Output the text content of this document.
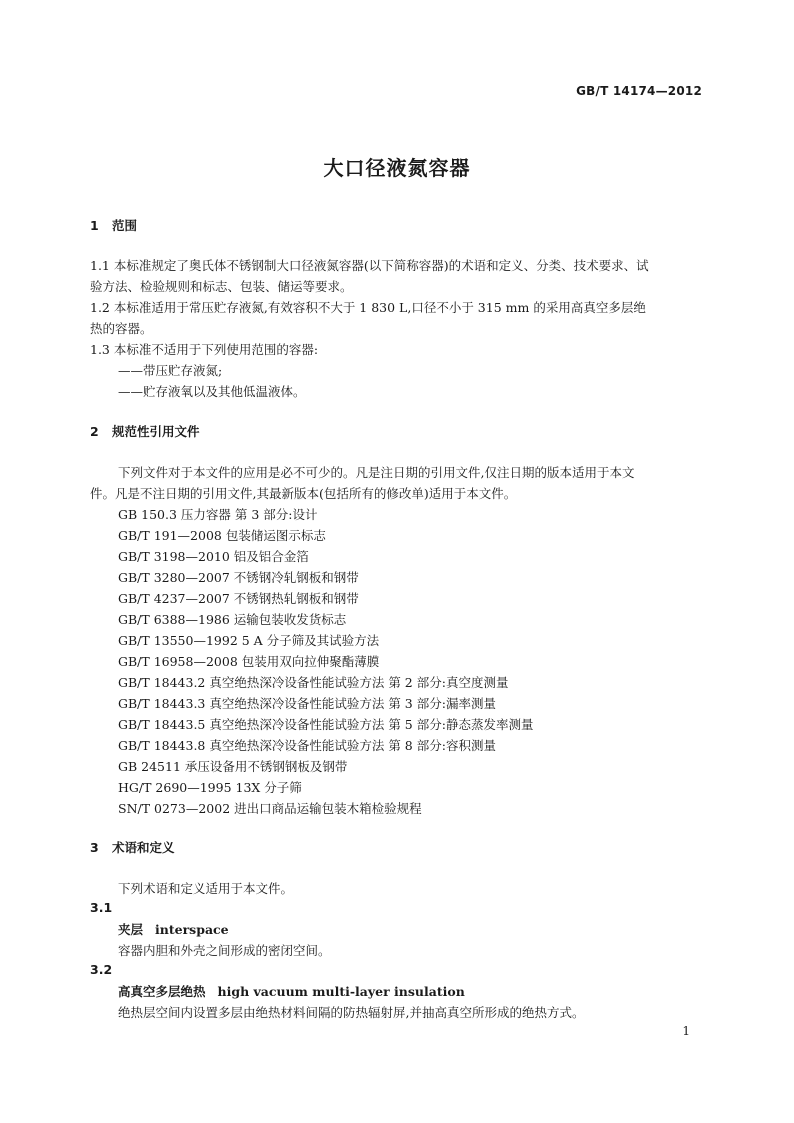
GB/T 14174—2012
大口径液氮容器
1 范围
1.1 本标准规定了奥氏体不锈钢制大口径液氮容器(以下简称容器)的术语和定义、分类、技术要求、试
验方法、检验规则和标志、包装、储运等要求。
1.2 本标准适用于常压贮存液氮,有效容积不大于 1 830 L,口径不小于 315 mm 的采用高真空多层绝
热的容器。
1.3 本标准不适用于下列使用范围的容器:
——带压贮存液氮;
——贮存液氧以及其他低温液体。
2 规范性引用文件
下列文件对于本文件的应用是必不可少的。凡是注日期的引用文件,仅注日期的版本适用于本文
件。凡是不注日期的引用文件,其最新版本(包括所有的修改单)适用于本文件。
GB 150.3 压力容器 第 3 部分:设计
GB/T 191—2008 包装储运图示标志
GB/T 3198—2010 铝及铝合金箔
GB/T 3280—2007 不锈钢冷轧钢板和钢带
GB/T 4237—2007 不锈钢热轧钢板和钢带
GB/T 6388—1986 运输包装收发货标志
GB/T 13550—1992 5 A 分子筛及其试验方法
GB/T 16958—2008 包装用双向拉伸聚酯薄膜
GB/T 18443.2 真空绝热深冷设备性能试验方法 第 2 部分:真空度测量
GB/T 18443.3 真空绝热深冷设备性能试验方法 第 3 部分:漏率测量
GB/T 18443.5 真空绝热深冷设备性能试验方法 第 5 部分:静态蒸发率测量
GB/T 18443.8 真空绝热深冷设备性能试验方法 第 8 部分:容积测量
GB 24511 承压设备用不锈钢钢板及钢带
HG/T 2690—1995 13X 分子筛
SN/T 0273—2002 进出口商品运输包装木箱检验规程
3 术语和定义
下列术语和定义适用于本文件。
3.1
夹层 interspace
容器内胆和外壳之间形成的密闭空间。
3.2
高真空多层绝热 high vacuum multi-layer insulation
绝热层空间内设置多层由绝热材料间隔的防热辐射屏,并抽高真空所形成的绝热方式。
1
